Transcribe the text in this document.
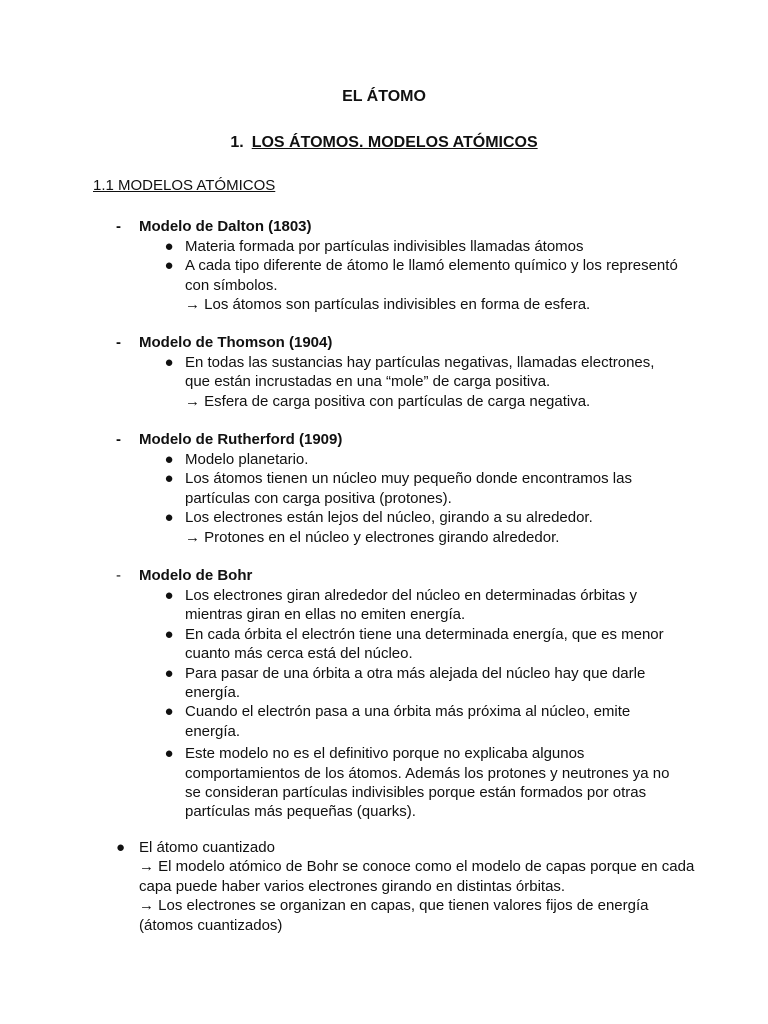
EL ÁTOMO
1. LOS ÁTOMOS. MODELOS ATÓMICOS
1.1 MODELOS ATÓMICOS
- Modelo de Dalton (1803)
● Materia formada por partículas indivisibles llamadas átomos
● A cada tipo diferente de átomo le llamó elemento químico y los representó con símbolos.
→ Los átomos son partículas indivisibles en forma de esfera.
- Modelo de Thomson (1904)
● En todas las sustancias hay partículas negativas, llamadas electrones, que están incrustadas en una “mole” de carga positiva.
→ Esfera de carga positiva con partículas de carga negativa.
- Modelo de Rutherford (1909)
● Modelo planetario.
● Los átomos tienen un núcleo muy pequeño donde encontramos las partículas con carga positiva (protones).
● Los electrones están lejos del núcleo, girando a su alrededor.
→ Protones en el núcleo y electrones girando alrededor.
- Modelo de Bohr
● Los electrones giran alrededor del núcleo en determinadas órbitas y mientras giran en ellas no emiten energía.
● En cada órbita el electrón tiene una determinada energía, que es menor cuanto más cerca está del núcleo.
● Para pasar de una órbita a otra más alejada del núcleo hay que darle energía.
● Cuando el electrón pasa a una órbita más próxima al núcleo, emite energía.
● Este modelo no es el definitivo porque no explicaba algunos comportamientos de los átomos. Además los protones y neutrones ya no se consideran partículas indivisibles porque están formados por otras partículas más pequeñas (quarks).
● El átomo cuantizado
→ El modelo atómico de Bohr se conoce como el modelo de capas porque en cada capa puede haber varios electrones girando en distintas órbitas.
→ Los electrones se organizan en capas, que tienen valores fijos de energía (átomos cuantizados)
